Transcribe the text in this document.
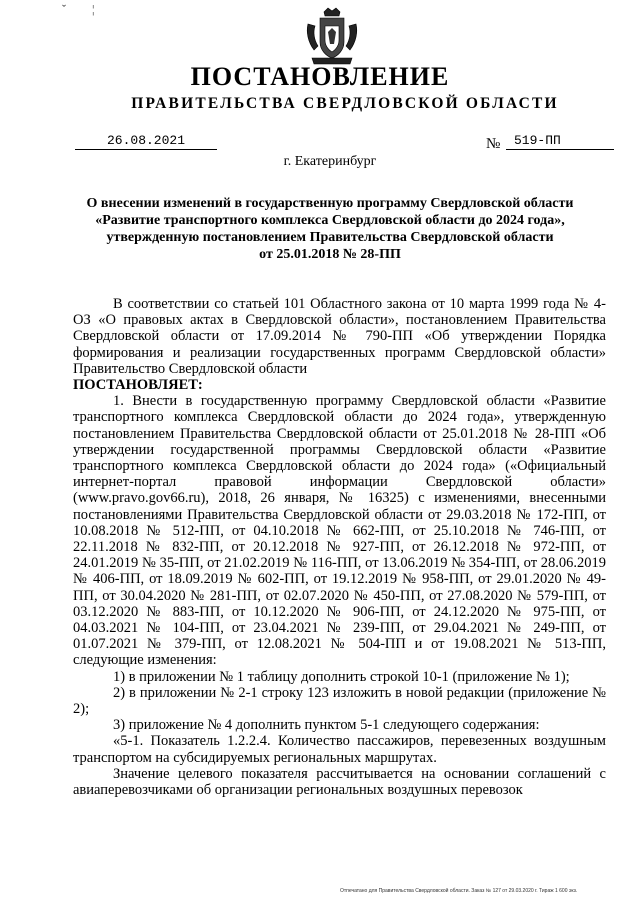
ˇ ¦
ПОСТАНОВЛЕНИЕ
ПРАВИТЕЛЬСТВА СВЕРДЛОВСКОЙ ОБЛАСТИ
26.08.2021	№	519-ПП
г. Екатеринбург
О внесении изменений в государственную программу Свердловской области
«Развитие транспортного комплекса Свердловской области до 2024 года»,
утвержденную постановлением Правительства Свердловской области
от 25.01.2018 № 28-ПП

В соответствии со статьей 101 Областного закона от 10 марта 1999 года № 4-ОЗ «О правовых актах в Свердловской области», постановлением Правительства Свердловской области от 17.09.2014 № 790-ПП «Об утверждении Порядка формирования и реализации государственных программ Свердловской области» Правительство Свердловской области

ПОСТАНОВЛЯЕТ:

1. Внести в государственную программу Свердловской области «Развитие транспортного комплекса Свердловской области до 2024 года», утвержденную постановлением Правительства Свердловской области от 25.01.2018 № 28-ПП «Об утверждении государственной программы Свердловской области «Развитие транспортного комплекса Свердловской области до 2024 года» («Официальный интернет-портал правовой информации Свердловской области» (www.pravo.gov66.ru), 2018, 26 января, № 16325) с изменениями, внесенными постановлениями Правительства Свердловской области от 29.03.2018 № 172-ПП, от 10.08.2018 № 512-ПП, от 04.10.2018 № 662-ПП, от 25.10.2018 № 746-ПП, от 22.11.2018 № 832-ПП, от 20.12.2018 № 927-ПП, от 26.12.2018 № 972-ПП, от 24.01.2019 № 35-ПП, от 21.02.2019 № 116-ПП, от 13.06.2019 № 354-ПП, от 28.06.2019 № 406-ПП, от 18.09.2019 № 602-ПП, от 19.12.2019 № 958-ПП, от 29.01.2020 № 49-ПП, от 30.04.2020 № 281-ПП, от 02.07.2020 № 450-ПП, от 27.08.2020 № 579-ПП, от 03.12.2020 № 883-ПП, от 10.12.2020 № 906-ПП, от 24.12.2020 № 975-ПП, от 04.03.2021 № 104-ПП, от 23.04.2021 № 239-ПП, от 29.04.2021 № 249-ПП, от 01.07.2021 № 379-ПП, от 12.08.2021 № 504-ПП и от 19.08.2021 № 513-ПП, следующие изменения:

1) в приложении № 1 таблицу дополнить строкой 10-1 (приложение № 1);

2) в приложении № 2-1 строку 123 изложить в новой редакции (приложение № 2);

3) приложение № 4 дополнить пунктом 5-1 следующего содержания:

«5-1. Показатель 1.2.2.4. Количество пассажиров, перевезенных воздушным транспортом на субсидируемых региональных маршрутах.

Значение целевого показателя рассчитывается на основании соглашений с авиаперевозчиками об организации региональных воздушных перевозок

Отпечатано для Правительства Свердловской области. Заказ № 127 от 29.03.2020 г. Тираж 1 600 экз.
